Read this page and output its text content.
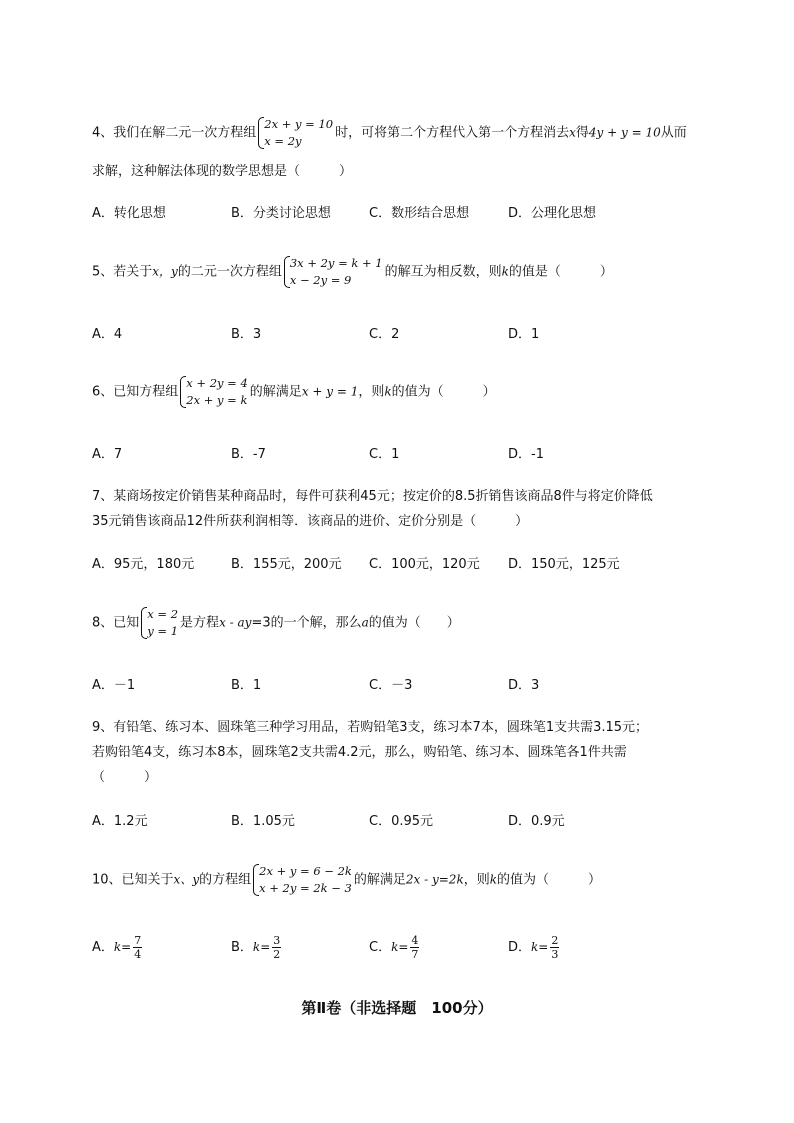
4、我们在解二元一次方程组
2x + y = 10
x = 2y
时，可将第二个方程代入第一个方程消去x得4y + y = 10从而
求解，这种解法体现的数学思想是（　　　）
A．转化思想	B．分类讨论思想	C．数形结合思想	D．公理化思想
5、若关于x，y的二元一次方程组
3x + 2y = k + 1
x − 2y = 9
的解互为相反数，则k的值是（　　　）
A．4	B．3	C．2	D．1
6、已知方程组
x + 2y = 4
2x + y = k
的解满足x + y = 1，则k的值为（　　　）
A．7	B．-7	C．1	D．-1
7、某商场按定价销售某种商品时，每件可获利45元；按定价的8.5折销售该商品8件与将定价降低
35元销售该商品12件所获利润相等．该商品的进价、定价分别是（　　　）
A．95元，180元	B．155元，200元 C．100元，120元 D．150元，125元
8、已知
x = 2
y = 1
是方程x - ay=3的一个解，那么a的值为（　　）
A．－1	B．1	C．－3	D．3
9、有铅笔、练习本、圆珠笔三种学习用品，若购铅笔3支，练习本7本，圆珠笔1支共需3.15元；
若购铅笔4支，练习本8本，圆珠笔2支共需4.2元，那么，购铅笔、练习本、圆珠笔各1件共需
（　　　）
A．1.2元	B．1.05元	C．0.95元	D．0.9元
10、已知关于x、y的方程组
2x + y = 6 − 2k
x + 2y = 2k − 3
的解满足2x - y=2k，则k的值为（　　　）
A．$k= \frac{7}{4}$	B．$k= \frac{3}{2}$	C．$k= \frac{4}{7}$	D．$k= \frac{2}{3}$
第Ⅱ卷（非选择题　100分）
